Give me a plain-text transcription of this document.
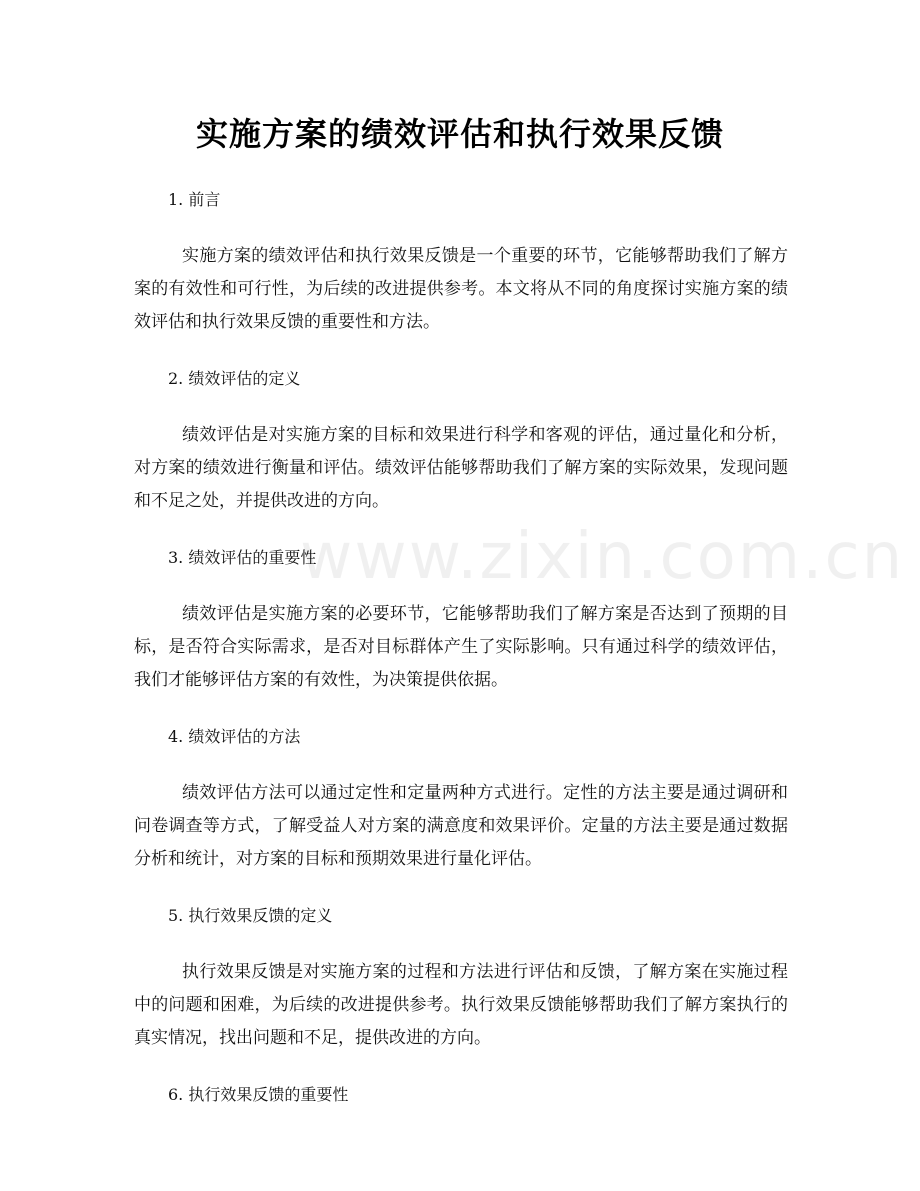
www.zixin.com.cn
实施方案的绩效评估和执行效果反馈
1. 前言

实施方案的绩效评估和执行效果反馈是一个重要的环节，它能够帮助我们了解方案的有效性和可行性，为后续的改进提供参考。本文将从不同的角度探讨实施方案的绩效评估和执行效果反馈的重要性和方法。

2. 绩效评估的定义

绩效评估是对实施方案的目标和效果进行科学和客观的评估，通过量化和分析，对方案的绩效进行衡量和评估。绩效评估能够帮助我们了解方案的实际效果，发现问题和不足之处，并提供改进的方向。

3. 绩效评估的重要性

绩效评估是实施方案的必要环节，它能够帮助我们了解方案是否达到了预期的目标，是否符合实际需求，是否对目标群体产生了实际影响。只有通过科学的绩效评估，我们才能够评估方案的有效性，为决策提供依据。

4. 绩效评估的方法

绩效评估方法可以通过定性和定量两种方式进行。定性的方法主要是通过调研和问卷调查等方式，了解受益人对方案的满意度和效果评价。定量的方法主要是通过数据分析和统计，对方案的目标和预期效果进行量化评估。

5. 执行效果反馈的定义

执行效果反馈是对实施方案的过程和方法进行评估和反馈，了解方案在实施过程中的问题和困难，为后续的改进提供参考。执行效果反馈能够帮助我们了解方案执行的真实情况，找出问题和不足，提供改进的方向。

6. 执行效果反馈的重要性
